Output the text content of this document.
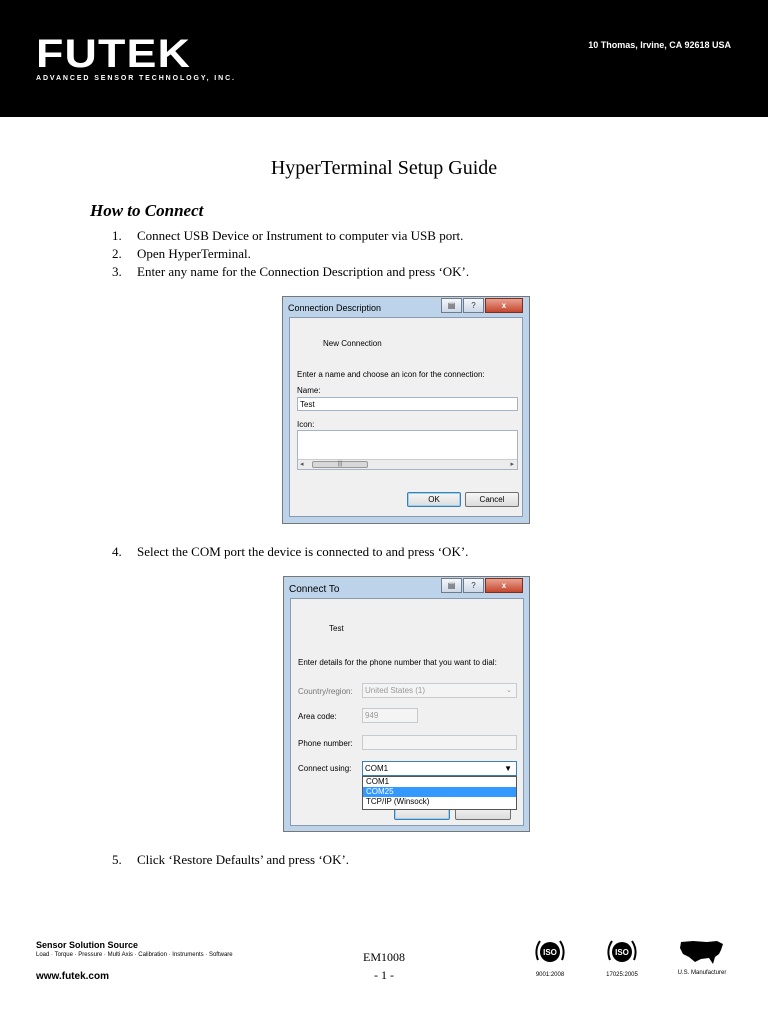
FUTEK
ADVANCED SENSOR TECHNOLOGY, INC.
10 Thomas, Irvine, CA 92618 USA
HyperTerminal Setup Guide
How to Connect
1. Connect USB Device or Instrument to computer via USB port.
2. Open HyperTerminal.
3. Enter any name for the Connection Description and press ‘OK’.
Connection Description	▤	?	x
New Connection
Enter a name and choose an icon for the connection:
Name:
Test
Icon:
◂	|||	▸
OK	Cancel
4. Select the COM port the device is connected to and press ‘OK’.
Connect To	▤	?	x
Test
Enter details for the phone number that you want to dial:
Country/region:	United States (1)	⌄
Area code:	949
Phone number:
Connect using:	COM1	▼
COM1
COM25
TCP/IP (Winsock)
5. Click ‘Restore Defaults’ and press ‘OK’.
Sensor Solution Source
Load · Torque · Pressure · Multi Axis · Calibration · Instruments · Software
www.futek.com
EM1008
- 1 -
ISO
9001:2008
ISO
17025:2005	U.S. Manufacturer
